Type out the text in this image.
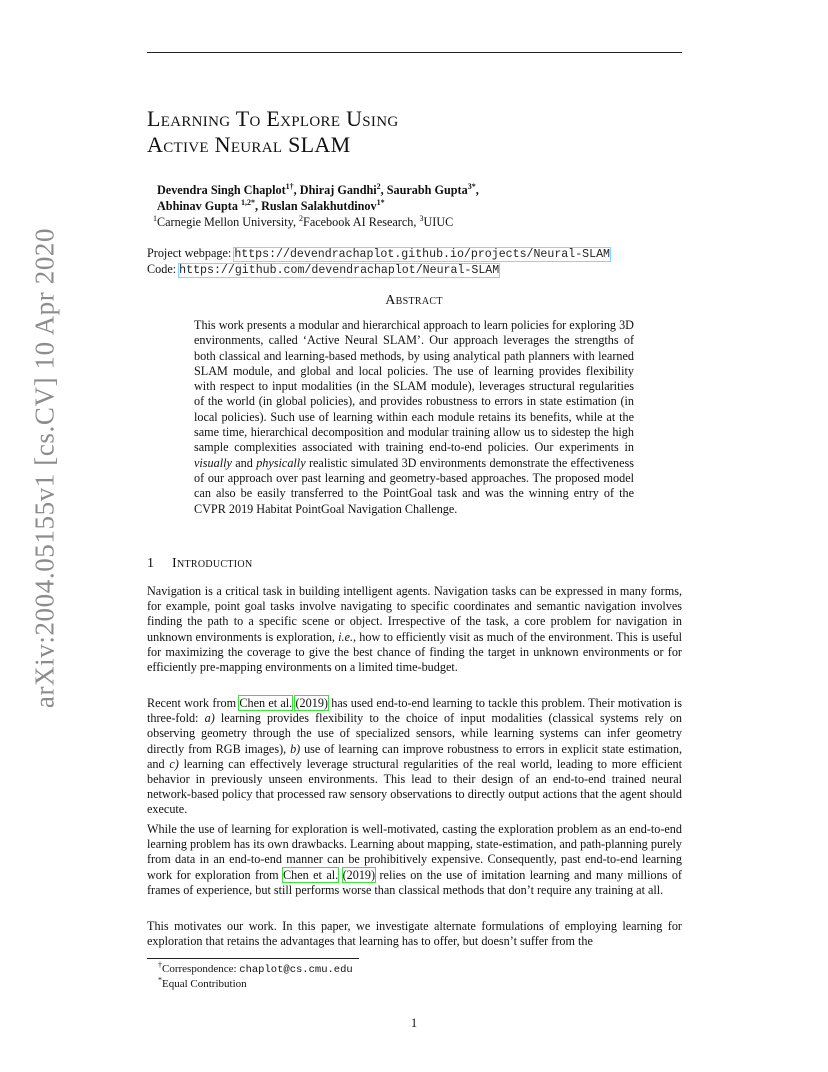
arXiv:2004.05155v1 [cs.CV] 10 Apr 2020
Learning To Explore Using
Active Neural SLAM
Devendra Singh Chaplot$^{1\dagger}$, Dhiraj Gandhi$^2$, Saurabh Gupta$^{3*}$,
Abhinav Gupta $^{1,2*}$, Ruslan Salakhutdinov$^{1*}$
$^1$Carnegie Mellon University, $^2$Facebook AI Research, $^3$UIUC
Project webpage: https://devendrachaplot.github.io/projects/Neural-SLAM
Code: https://github.com/devendrachaplot/Neural-SLAM
Abstract
This work presents a modular and hierarchical approach to learn policies for exploring 3D environments, called ‘Active Neural SLAM’. Our approach leverages the strengths of both classical and learning-based methods, by using analytical path planners with learned SLAM module, and global and local policies. The use of learning provides flexibility with respect to input modalities (in the SLAM module), leverages structural regularities of the world (in global policies), and provides robustness to errors in state estimation (in local policies). Such use of learning within each module retains its benefits, while at the same time, hierarchical decomposition and modular training allow us to sidestep the high sample complexities associated with training end-to-end policies. Our experiments in visually and physically realistic simulated 3D environments demonstrate the effectiveness of our approach over past learning and geometry-based approaches. The proposed model can also be easily transferred to the PointGoal task and was the winning entry of the CVPR 2019 Habitat PointGoal Navigation Challenge.
1 Introduction
Navigation is a critical task in building intelligent agents. Navigation tasks can be expressed in many forms, for example, point goal tasks involve navigating to specific coordinates and semantic navigation involves finding the path to a specific scene or object. Irrespective of the task, a core problem for navigation in unknown environments is exploration, i.e., how to efficiently visit as much of the environment. This is useful for maximizing the coverage to give the best chance of finding the target in unknown environments or for efficiently pre-mapping environments on a limited time-budget.
Recent work from Chen et al. (2019) has used end-to-end learning to tackle this problem. Their motivation is three-fold: a) learning provides flexibility to the choice of input modalities (classical systems rely on observing geometry through the use of specialized sensors, while learning systems can infer geometry directly from RGB images), b) use of learning can improve robustness to errors in explicit state estimation, and c) learning can effectively leverage structural regularities of the real world, leading to more efficient behavior in previously unseen environments. This lead to their design of an end-to-end trained neural network-based policy that processed raw sensory observations to directly output actions that the agent should execute.
While the use of learning for exploration is well-motivated, casting the exploration problem as an end-to-end learning problem has its own drawbacks. Learning about mapping, state-estimation, and path-planning purely from data in an end-to-end manner can be prohibitively expensive. Consequently, past end-to-end learning work for exploration from Chen et al. (2019) relies on the use of imitation learning and many millions of frames of experience, but still performs worse than classical methods that don’t require any training at all.
This motivates our work. In this paper, we investigate alternate formulations of employing learning for exploration that retains the advantages that learning has to offer, but doesn’t suffer from the
†Correspondence: chaplot@cs.cmu.edu
*Equal Contribution
1
